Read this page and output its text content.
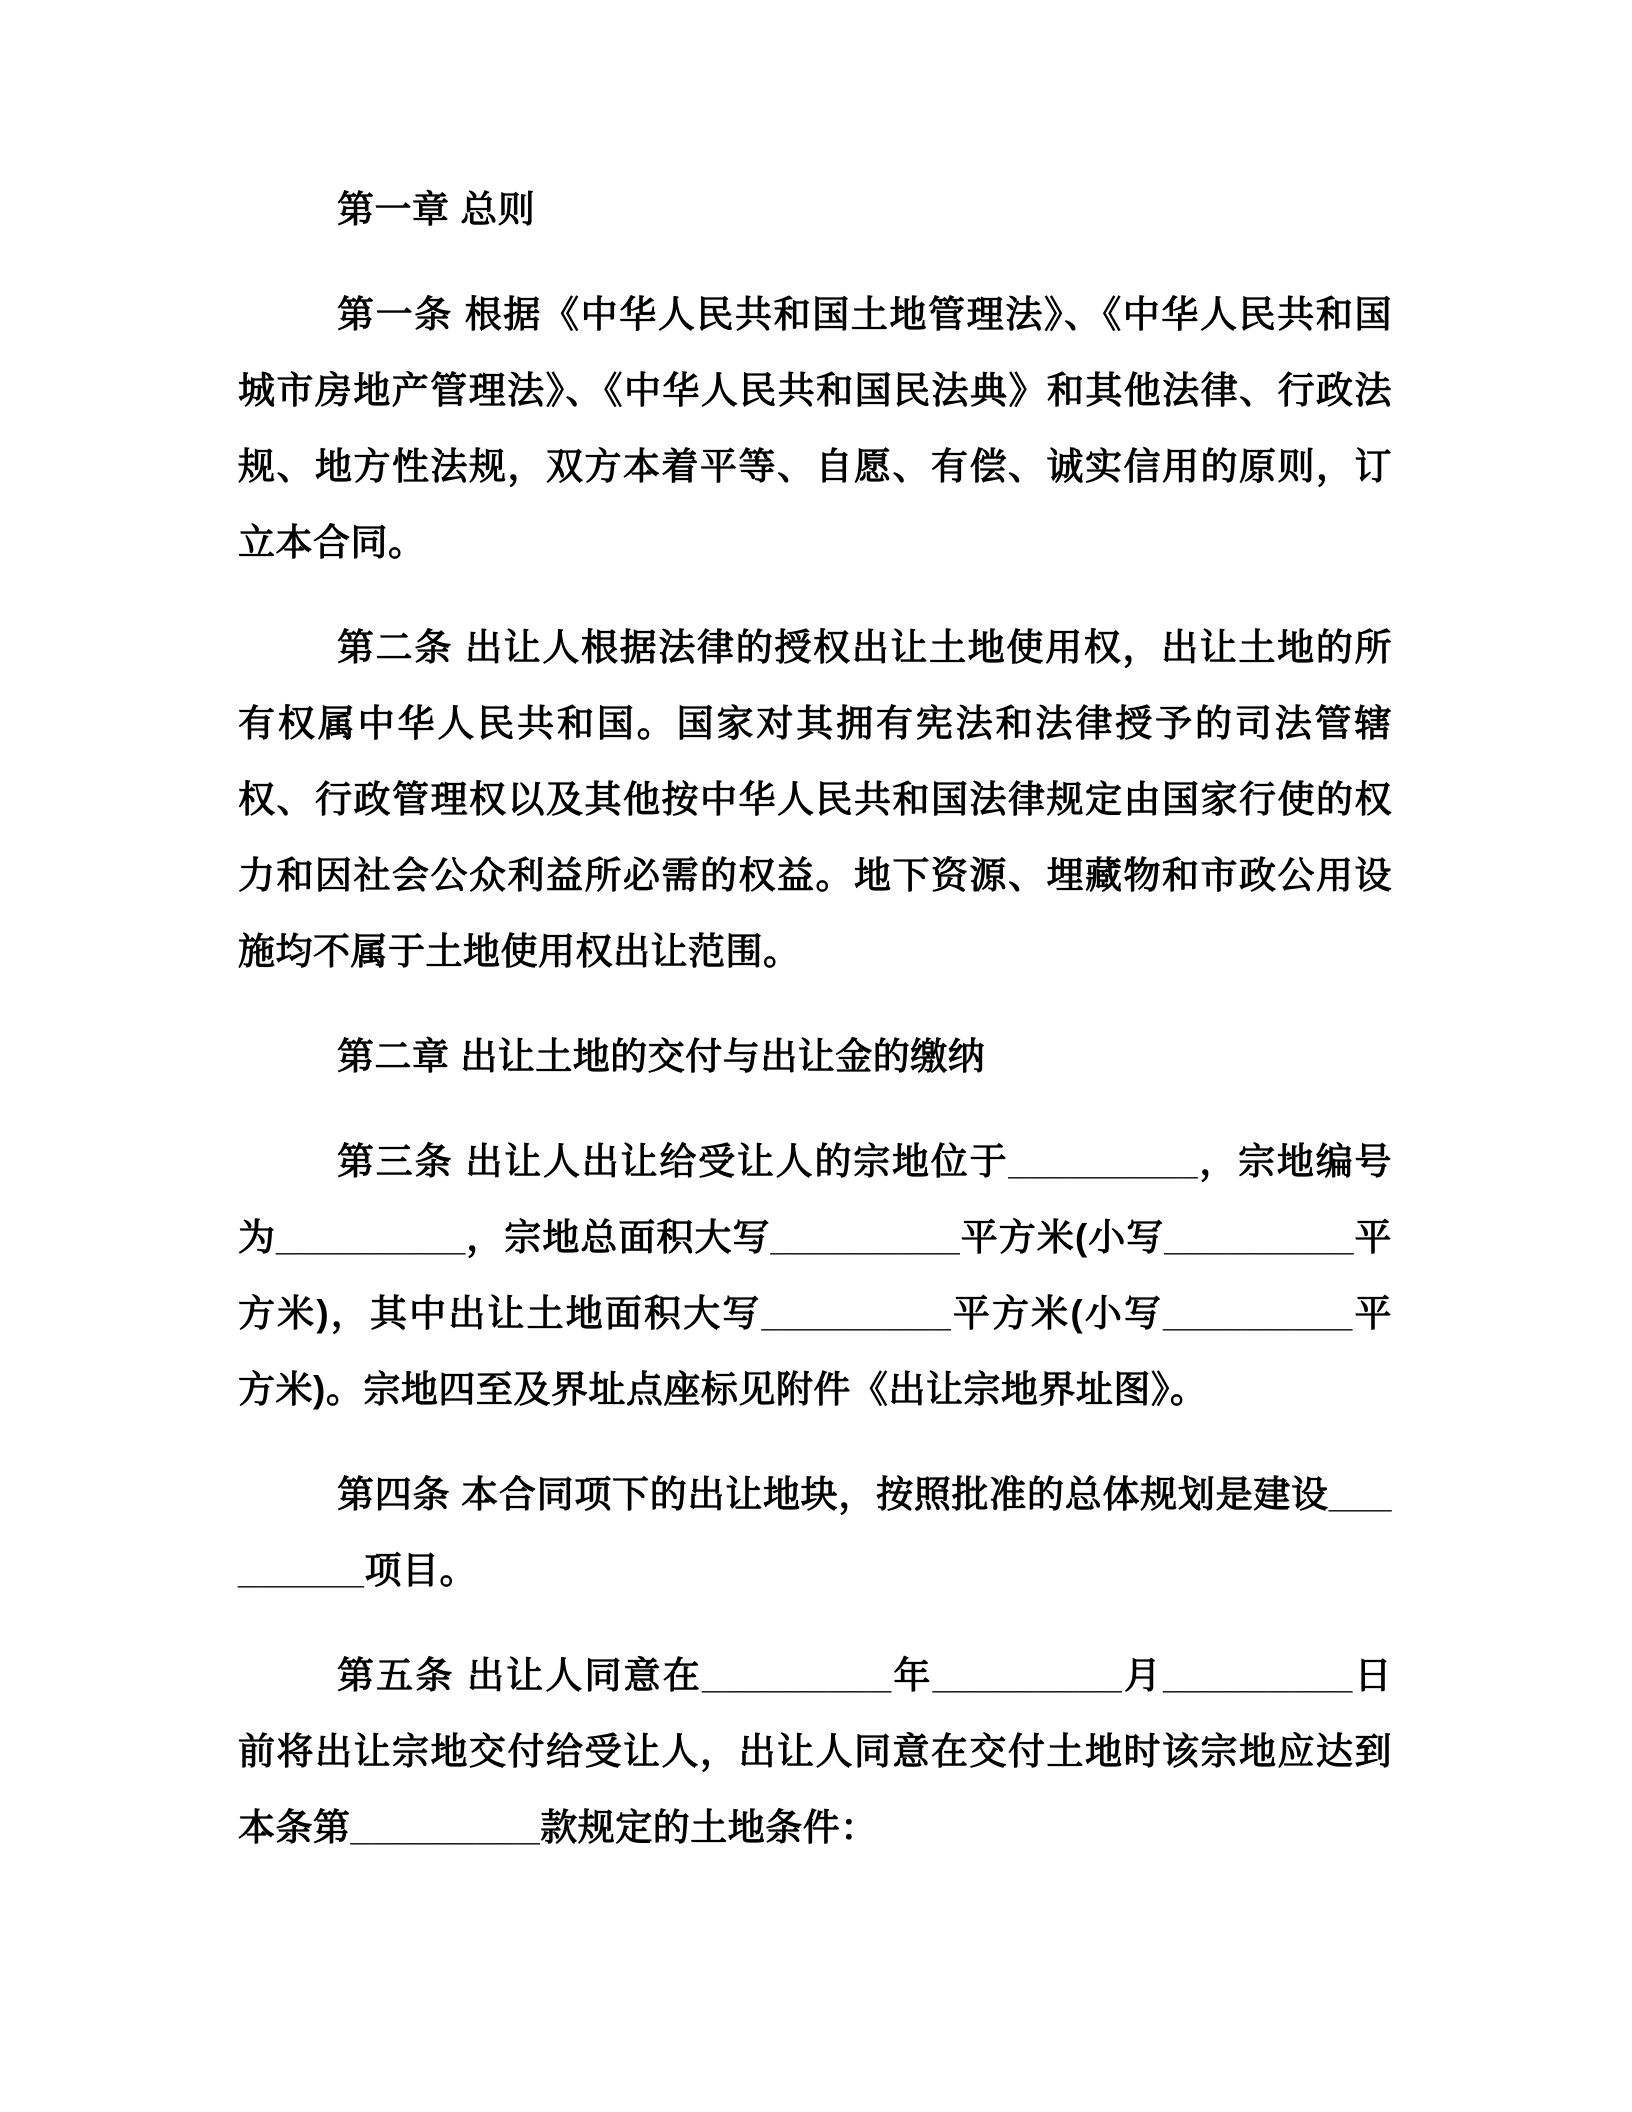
第一章 总则

第一条 根据《中华人民共和国土地管理法》、《中华人民共和国城市房地产管理法》、《中华人民共和国民法典》和其他法律、行政法规、地方性法规，双方本着平等、自愿、有偿、诚实信用的原则，订立本合同。

第二条 出让人根据法律的授权出让土地使用权，出让土地的所有权属中华人民共和国。国家对其拥有宪法和法律授予的司法管辖权、行政管理权以及其他按中华人民共和国法律规定由国家行使的权力和因社会公众利益所必需的权益。地下资源、埋藏物和市政公用设施均不属于土地使用权出让范围。

第二章 出让土地的交付与出让金的缴纳

第三条 出让人出让给受让人的宗地位于_________，宗地编号为_________，宗地总面积大写_________平方米(小写_________平方米)，其中出让土地面积大写_________平方米(小写_________平方米)。宗地四至及界址点座标见附件《出让宗地界址图》。

第四条 本合同项下的出让地块，按照批准的总体规划是建设_________项目。

第五条 出让人同意在_________年_________月_________日前将出让宗地交付给受让人，出让人同意在交付土地时该宗地应达到本条第_________款规定的土地条件：
